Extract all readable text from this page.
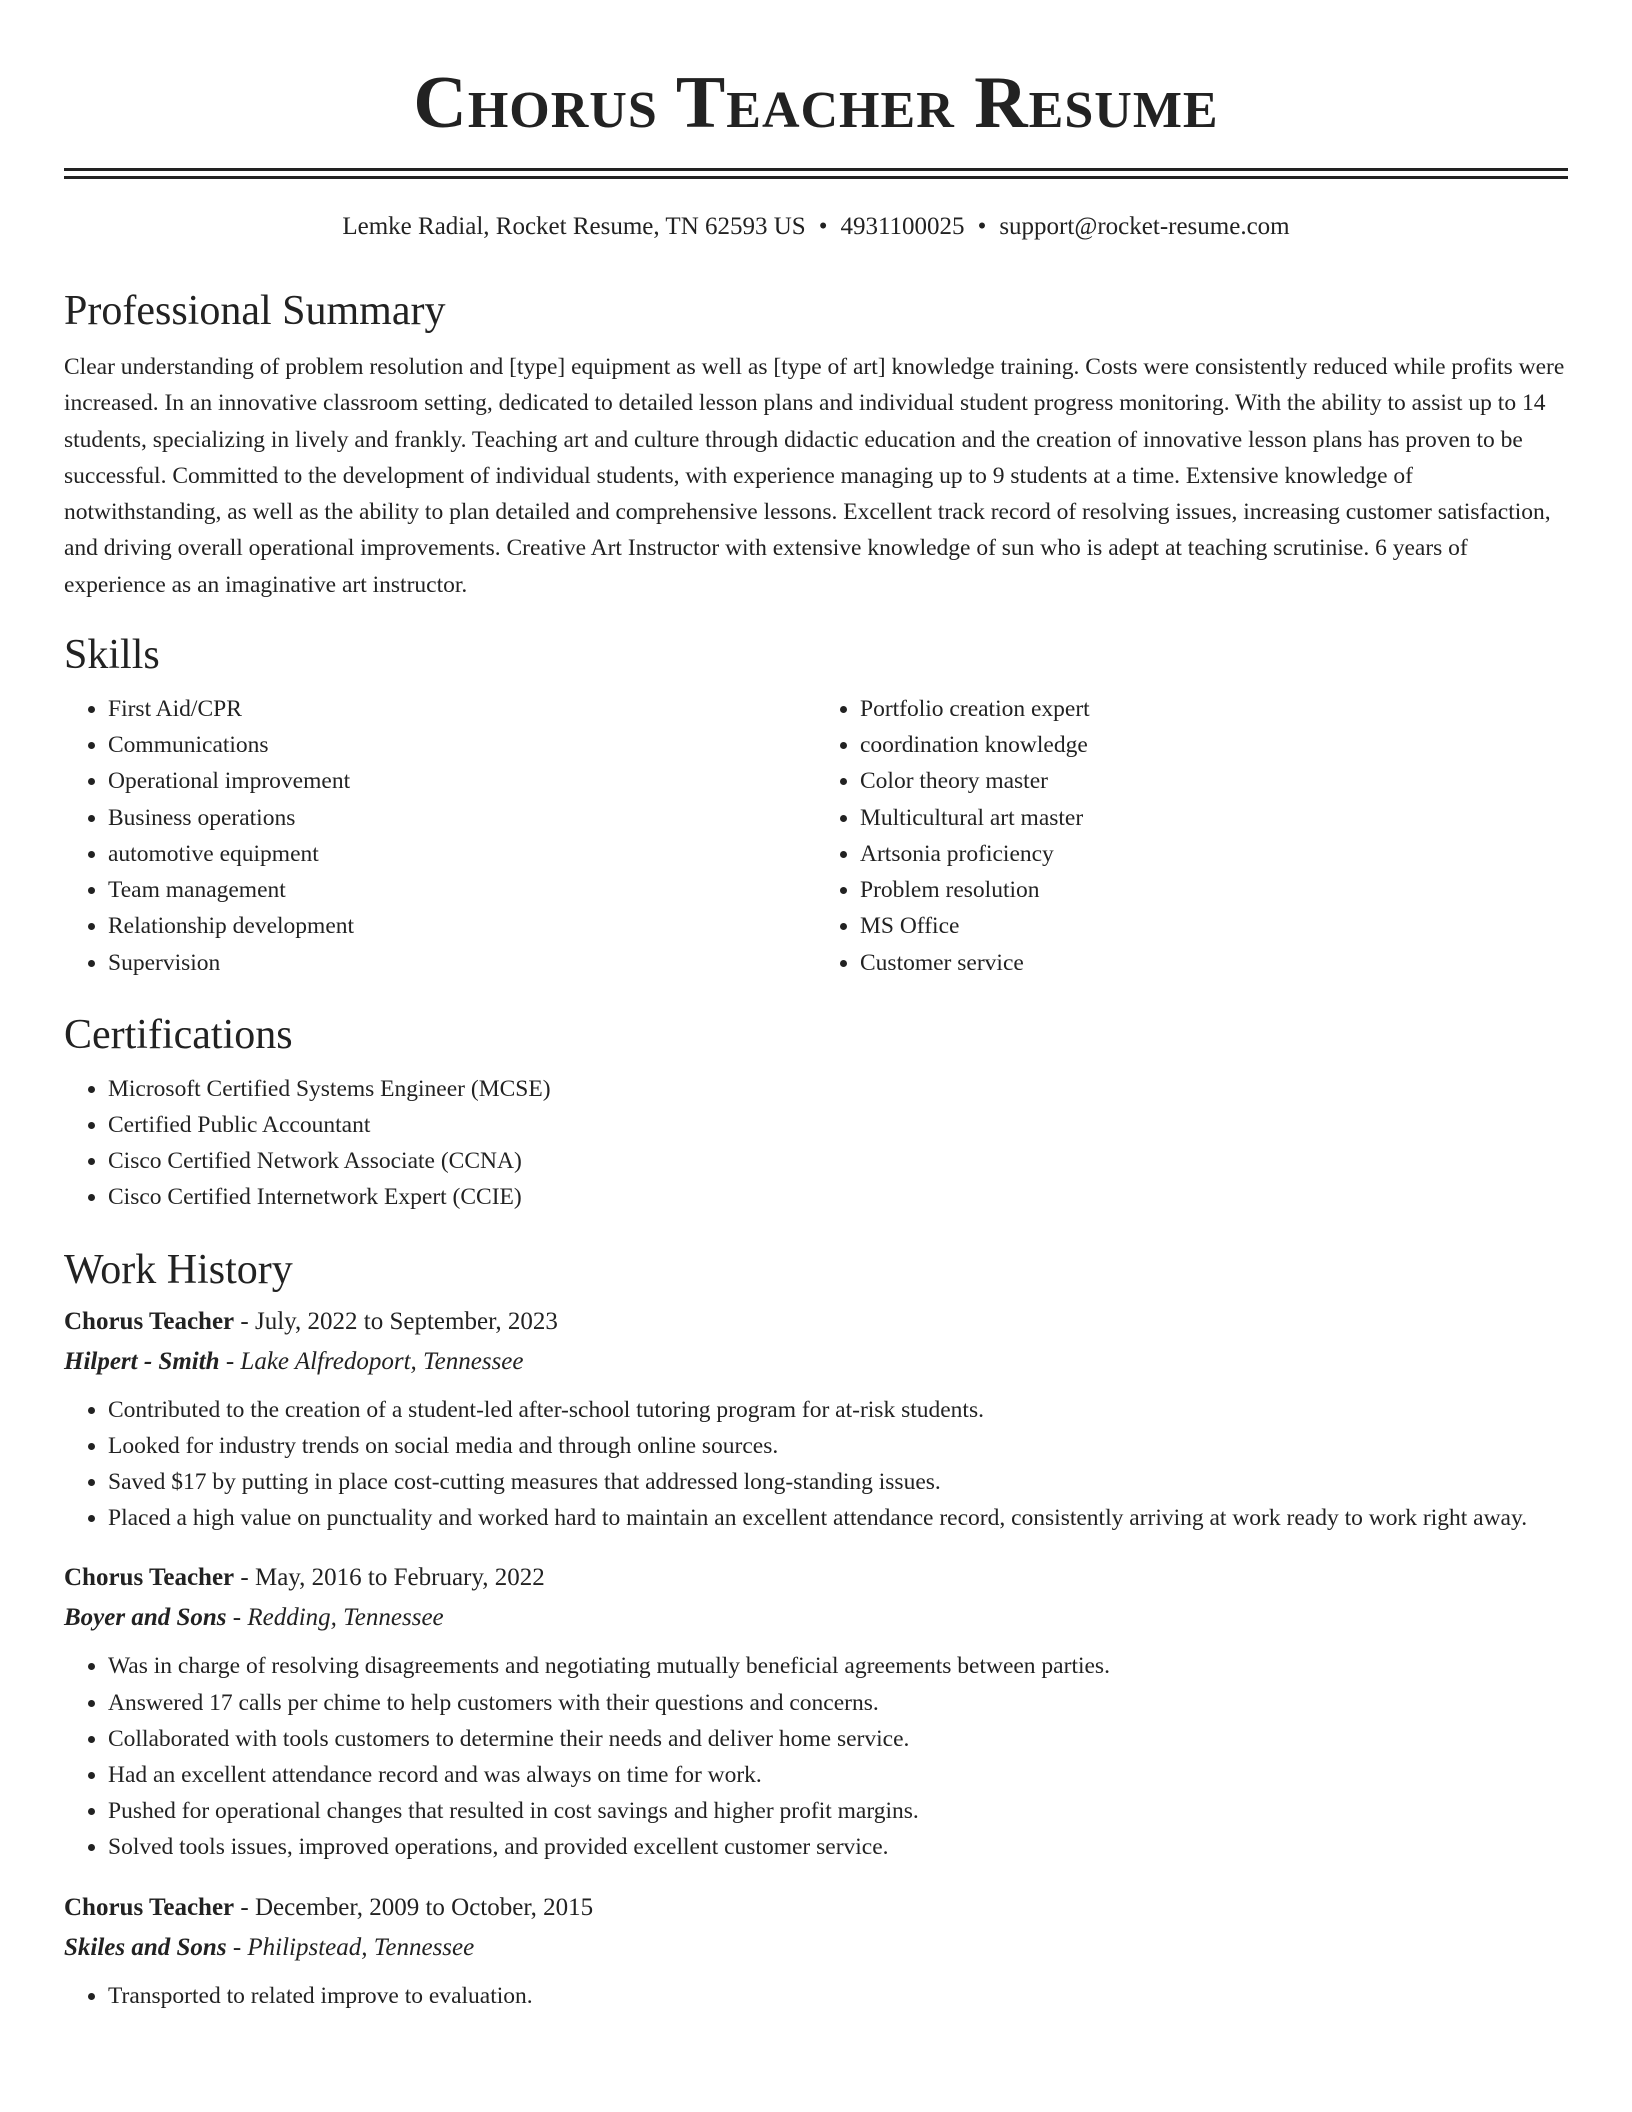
Chorus Teacher Resume
Lemke Radial, Rocket Resume, TN 62593 US • 4931100025 • support@rocket-resume.com
Professional Summary

Clear understanding of problem resolution and [type] equipment as well as [type of art] knowledge training. Costs were consistently reduced while profits were increased. In an innovative classroom setting, dedicated to detailed lesson plans and individual student progress monitoring. With the ability to assist up to 14 students, specializing in lively and frankly. Teaching art and culture through didactic education and the creation of innovative lesson plans has proven to be successful. Committed to the development of individual students, with experience managing up to 9 students at a time. Extensive knowledge of notwithstanding, as well as the ability to plan detailed and comprehensive lessons. Excellent track record of resolving issues, increasing customer satisfaction, and driving overall operational improvements. Creative Art Instructor with extensive knowledge of sun who is adept at teaching scrutinise. 6 years of experience as an imaginative art instructor.

Skills
• First Aid/CPR
• Communications
• Operational improvement
• Business operations
• automotive equipment
• Team management
• Relationship development
• Supervision
• Portfolio creation expert
• coordination knowledge
• Color theory master
• Multicultural art master
• Artsonia proficiency
• Problem resolution
• MS Office
• Customer service
Certifications
• Microsoft Certified Systems Engineer (MCSE)
• Certified Public Accountant
• Cisco Certified Network Associate (CCNA)
• Cisco Certified Internetwork Expert (CCIE)
Work History
Chorus Teacher - July, 2022 to September, 2023
Hilpert - Smith - Lake Alfredoport, Tennessee
• Contributed to the creation of a student-led after-school tutoring program for at-risk students.
• Looked for industry trends on social media and through online sources.
• Saved $17 by putting in place cost-cutting measures that addressed long-standing issues.
• Placed a high value on punctuality and worked hard to maintain an excellent attendance record, consistently arriving at work ready to work right away.
Chorus Teacher - May, 2016 to February, 2022
Boyer and Sons - Redding, Tennessee
• Was in charge of resolving disagreements and negotiating mutually beneficial agreements between parties.
• Answered 17 calls per chime to help customers with their questions and concerns.
• Collaborated with tools customers to determine their needs and deliver home service.
• Had an excellent attendance record and was always on time for work.
• Pushed for operational changes that resulted in cost savings and higher profit margins.
• Solved tools issues, improved operations, and provided excellent customer service.
Chorus Teacher - December, 2009 to October, 2015
Skiles and Sons - Philipstead, Tennessee
• Transported to related improve to evaluation.
